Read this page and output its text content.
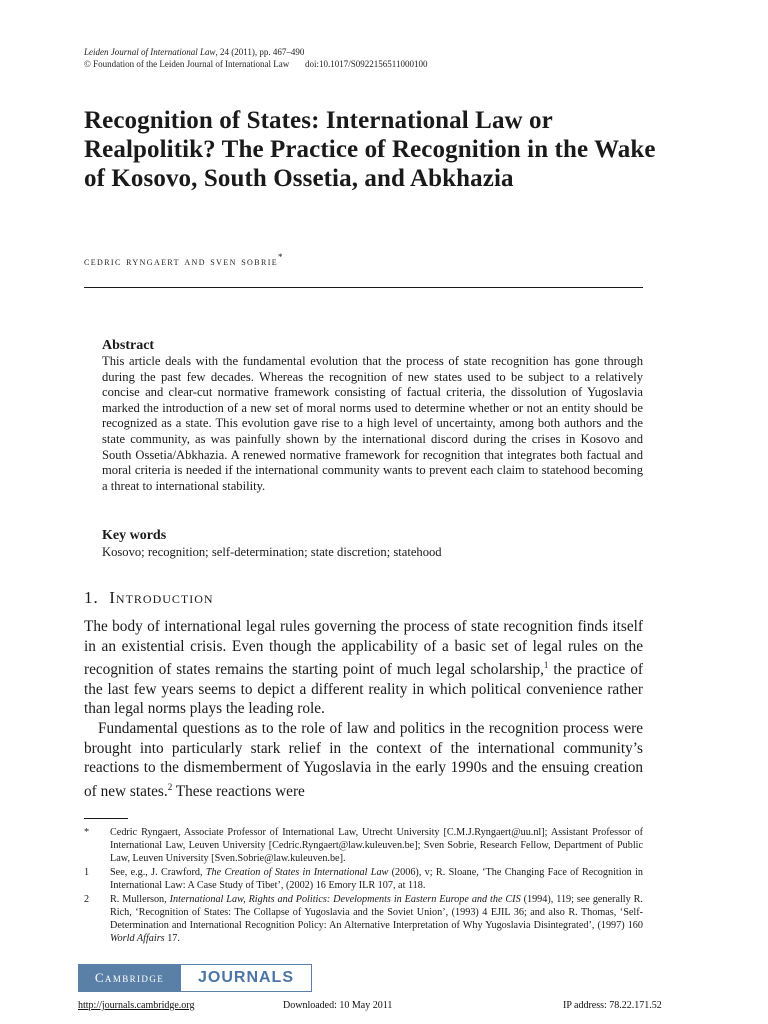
Leiden Journal of International Law, 24 (2011), pp. 467–490
© Foundation of the Leiden Journal of International Law doi:10.1017/S0922156511000100
Recognition of States: International Law or Realpolitik? The Practice of Recognition in the Wake of Kosovo, South Ossetia, and Abkhazia
cedric ryngaert and sven sobrie*
Abstract

This article deals with the fundamental evolution that the process of state recognition has gone through during the past few decades. Whereas the recognition of new states used to be subject to a relatively concise and clear-cut normative framework consisting of factual criteria, the dissolution of Yugoslavia marked the introduction of a new set of moral norms used to determine whether or not an entity should be recognized as a state. This evolution gave rise to a high level of uncertainty, among both authors and the state community, as was painfully shown by the international discord during the crises in Kosovo and South Ossetia/Abkhazia. A renewed normative framework for recognition that integrates both factual and moral criteria is needed if the international community wants to prevent each claim to statehood becoming a threat to international stability.

Key words
Kosovo; recognition; self-determination; state discretion; statehood
1. Introduction

The body of international legal rules governing the process of state recognition finds itself in an existential crisis. Even though the applicability of a basic set of legal rules on the recognition of states remains the starting point of much legal scholarship,$^1$ the practice of the last few years seems to depict a different reality in which political convenience rather than legal norms plays the leading role.

Fundamental questions as to the role of law and politics in the recognition process were brought into particularly stark relief in the context of the international community’s reactions to the dismemberment of Yugoslavia in the early 1990s and the ensuing creation of new states.$^2$ These reactions were

*	Cedric Ryngaert, Associate Professor of International Law, Utrecht University [C.M.J.Ryngaert@uu.nl]; Assistant Professor of International Law, Leuven University [Cedric.Ryngaert@law.kuleuven.be]; Sven Sobrie, Research Fellow, Department of Public Law, Leuven University [Sven.Sobrie@law.kuleuven.be].
1	See, e.g., J. Crawford, The Creation of States in International Law (2006), v; R. Sloane, ‘The Changing Face of Recognition in International Law: A Case Study of Tibet’, (2002) 16 Emory ILR 107, at 118.
2	R. Mullerson, International Law, Rights and Politics: Developments in Eastern Europe and the CIS (1994), 119; see generally R. Rich, ‘Recognition of States: The Collapse of Yugoslavia and the Soviet Union’, (1993) 4 EJIL 36; and also R. Thomas, ‘Self-Determination and International Recognition Policy: An Alternative Interpretation of Why Yugoslavia Disintegrated’, (1997) 160 World Affairs 17.
Cambridge	JOURNALS
http://journals.cambridge.org	Downloaded: 10 May 2011	IP address: 78.22.171.52
